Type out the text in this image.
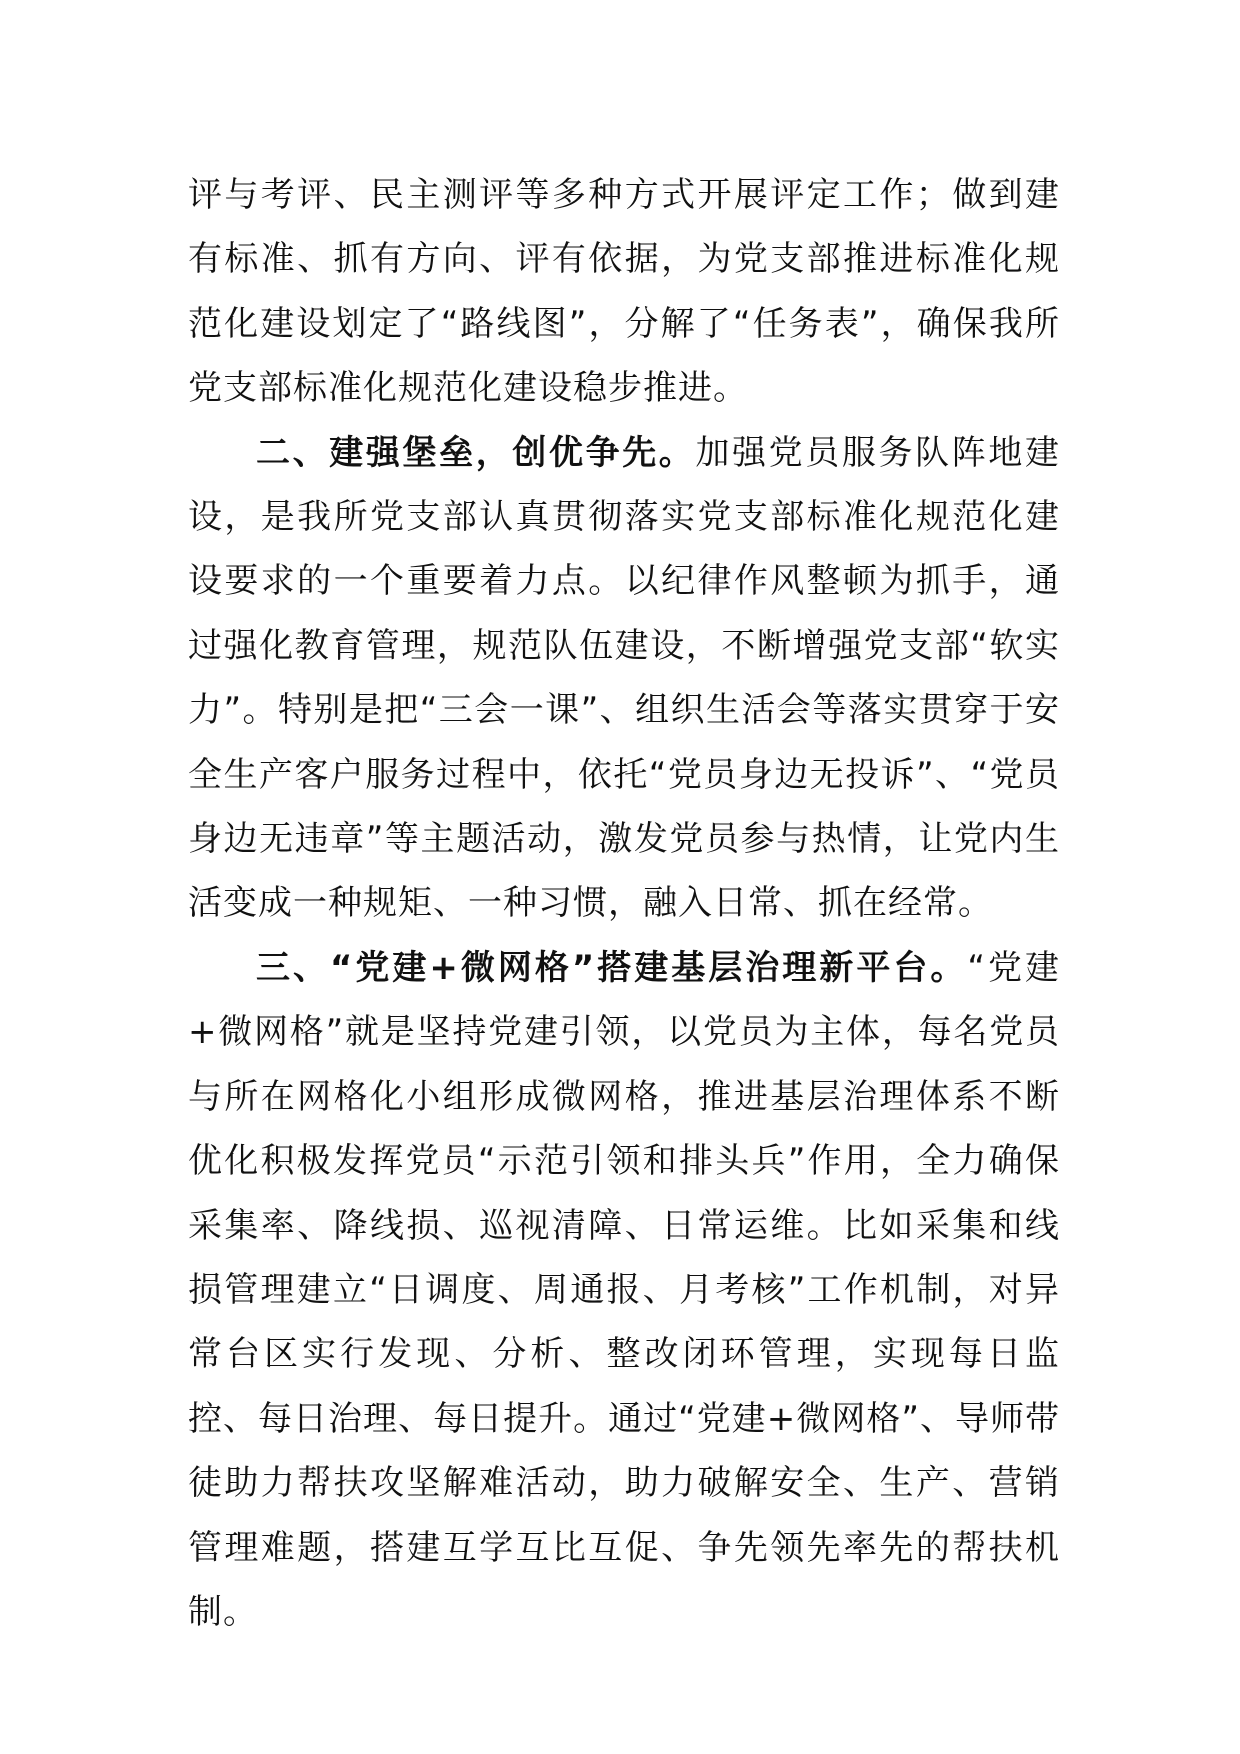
评与考评、民主测评等多种方式开展评定工作；做到建有标准、抓有方向、评有依据，为党支部推进标准化规范化建设划定了“路线图”，分解了“任务表”，确保我所党支部标准化规范化建设稳步推进。

二、建强堡垒，创优争先。加强党员服务队阵地建设，是我所党支部认真贯彻落实党支部标准化规范化建设要求的一个重要着力点。以纪律作风整顿为抓手，通过强化教育管理，规范队伍建设，不断增强党支部“软实力”。特别是把“三会一课”、组织生活会等落实贯穿于安全生产客户服务过程中，依托“党员身边无投诉”、“党员身边无违章”等主题活动，激发党员参与热情，让党内生活变成一种规矩、一种习惯，融入日常、抓在经常。

三、“党建+微网格”搭建基层治理新平台。“党建+微网格”就是坚持党建引领，以党员为主体，每名党员与所在网格化小组形成微网格，推进基层治理体系不断优化积极发挥党员“示范引领和排头兵”作用，全力确保采集率、降线损、巡视清障、日常运维。比如采集和线损管理建立“日调度、周通报、月考核”工作机制，对异常台区实行发现、分析、整改闭环管理，实现每日监控、每日治理、每日提升。通过“党建+微网格”、导师带徒助力帮扶攻坚解难活动，助力破解安全、生产、营销管理难题，搭建互学互比互促、争先领先率先的帮扶机制。
